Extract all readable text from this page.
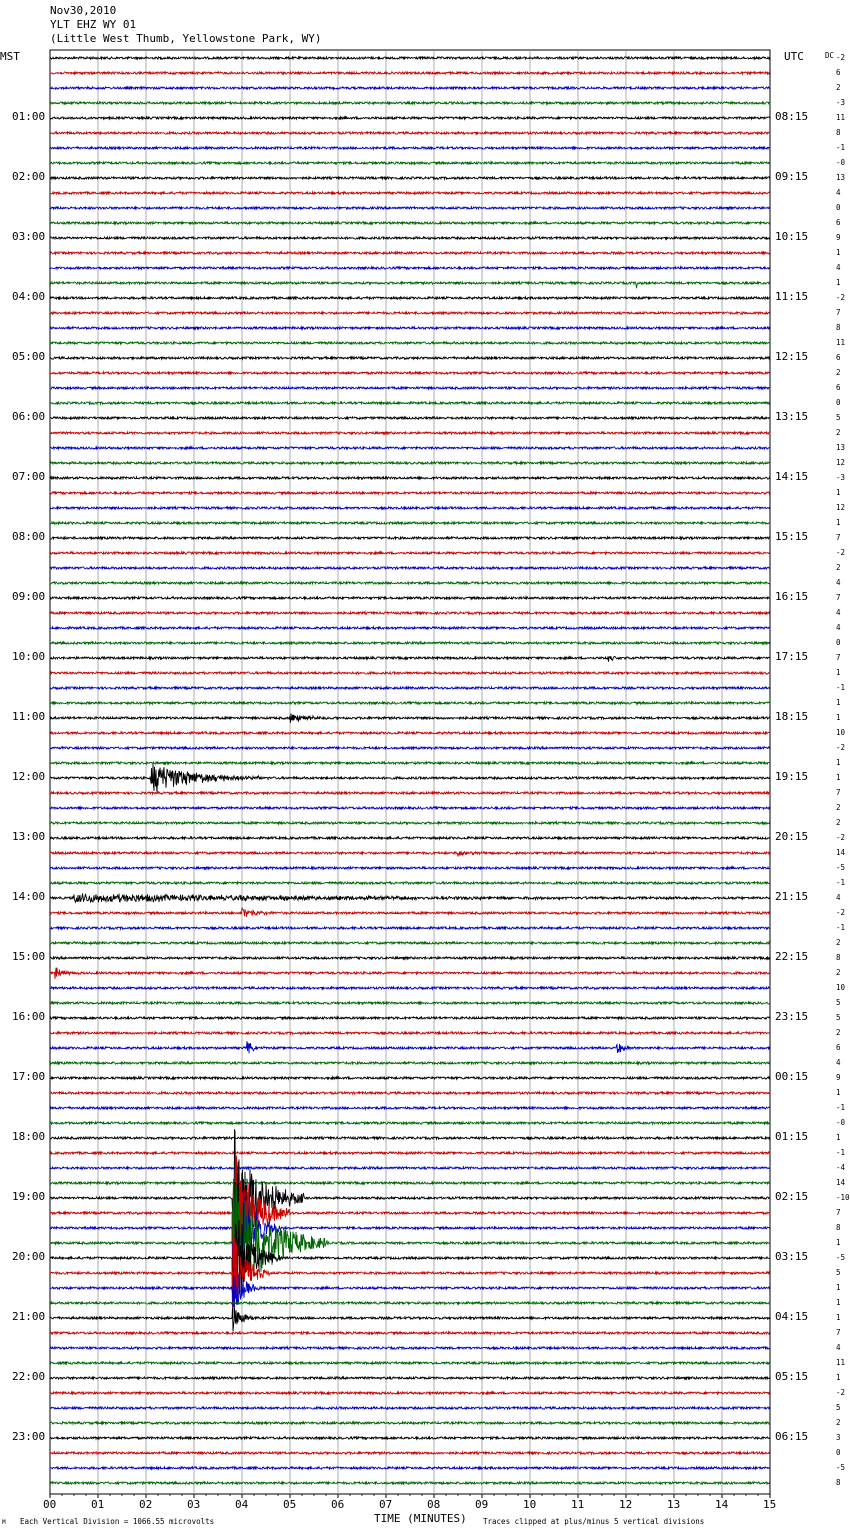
Nov30,2010
YLT EHZ WY 01
(Little West Thumb, Yellowstone Park, WY)
MST	UTC	DC -2
6
2
-3
11
8
-1
-0
13
4
0
6
9
1
4
1
-2
7
8
11
6
2
6
0
5
2
13
12
-3
1
12
1
7
-2
2
4
7
4
4
0
7
1
-1
1
1
10
-2
1
1
7
2
2
-2
14
-5
-1
4
-2
-1
2
8
2
10
5
5
2
6
4
9
1
-1
-0
1
-1
-4
14
-10
7
8
1
-5
5
1
1
1
7
4
11
1
-2
5
2
3
0
-5
8
01:00	08:15
02:00	09:15
03:00	10:15
04:00	11:15
05:00	12:15
06:00	13:15
07:00	14:15
08:00	15:15
09:00	16:15
10:00	17:15
11:00	18:15
12:00	19:15
13:00	20:15
14:00	21:15
15:00	22:15
16:00	23:15
17:00	00:15
18:00	01:15
19:00	02:15
20:00	03:15
21:00	04:15
22:00	05:15
23:00	06:15
00	01	02	03	04	05	06	07	08	09	10	11	12	13	14	15
TIME (MINUTES)
Each Vertical Division = 1066.55 microvolts	Traces clipped at plus/minus 5 vertical divisions
M
